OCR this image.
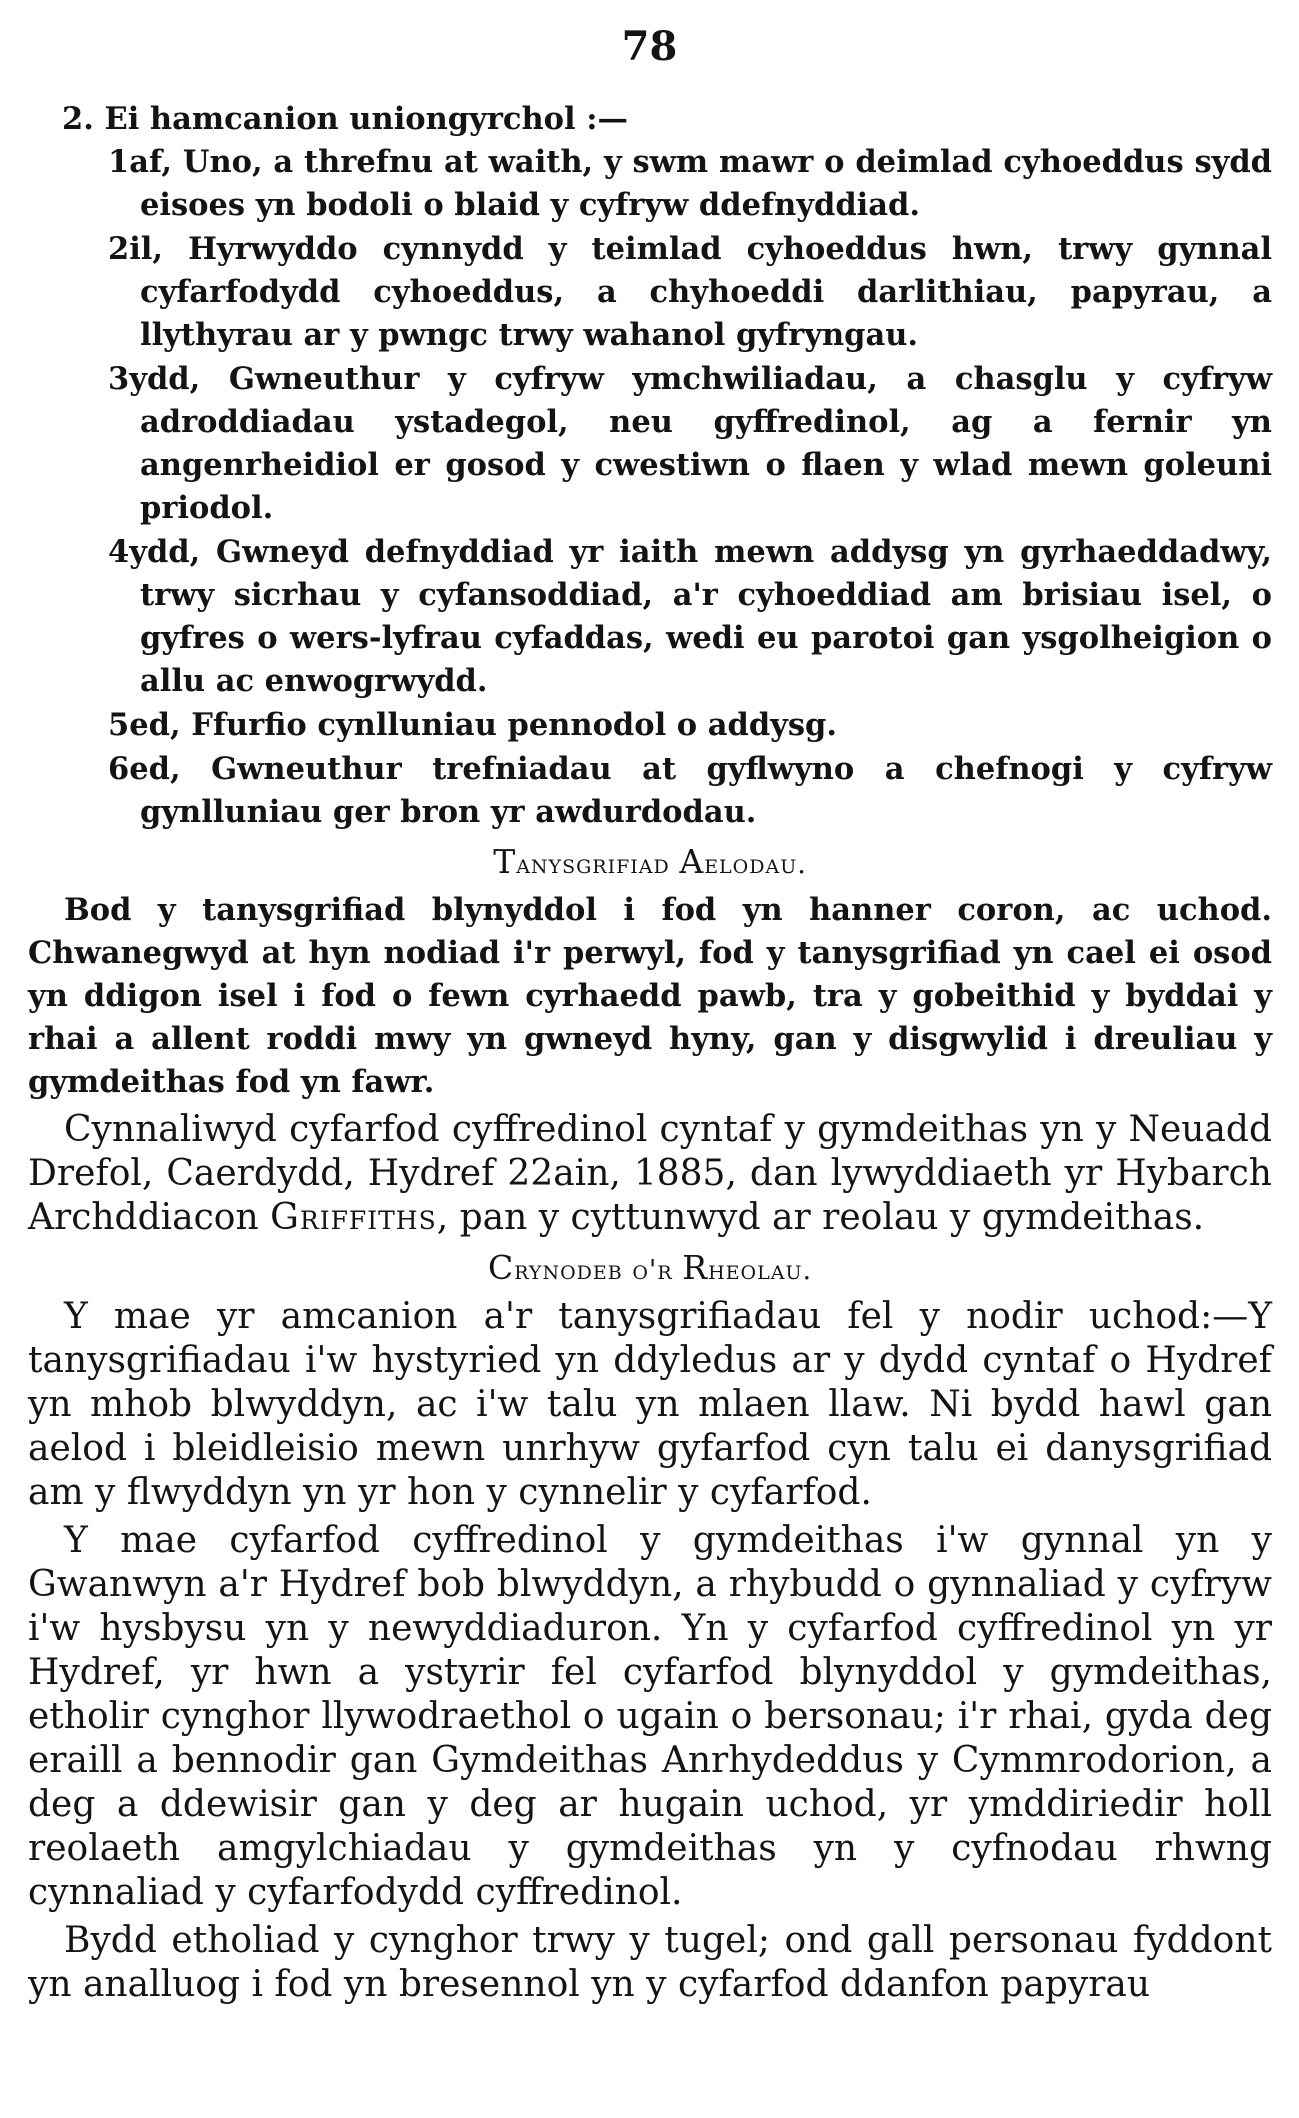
78

2. Ei hamcanion uniongyrchol :—

1af, Uno, a threfnu at waith, y swm mawr o deimlad cyhoeddus sydd eisoes yn bodoli o blaid y cyfryw ddefnyddiad.

2il, Hyrwyddo cynnydd y teimlad cyhoeddus hwn, trwy gynnal cyfarfodydd cyhoeddus, a chyhoeddi darlithiau, papyrau, a llythyrau ar y pwngc trwy wahanol gyfryngau.

3ydd, Gwneuthur y cyfryw ymchwiliadau, a chasglu y cyfryw adroddiadau ystadegol, neu gyffredinol, ag a fernir yn angenrheidiol er gosod y cwestiwn o flaen y wlad mewn goleuni priodol.

4ydd, Gwneyd defnyddiad yr iaith mewn addysg yn gyrhaeddadwy, trwy sicrhau y cyfansoddiad, a'r cyhoeddiad am brisiau isel, o gyfres o wers-lyfrau cyfaddas, wedi eu parotoi gan ysgolheigion o allu ac enwogrwydd.

5ed, Ffurfio cynlluniau pennodol o addysg.

6ed, Gwneuthur trefniadau at gyflwyno a chefnogi y cyfryw gynlluniau ger bron yr awdurdodau.

Tanysgrifiad Aelodau.

Bod y tanysgrifiad blynyddol i fod yn hanner coron, ac uchod. Chwanegwyd at hyn nodiad i'r perwyl, fod y tanysgrifiad yn cael ei osod yn ddigon isel i fod o fewn cyrhaedd pawb, tra y gobeithid y byddai y rhai a allent roddi mwy yn gwneyd hyny, gan y disgwylid i dreuliau y gymdeithas fod yn fawr.

Cynnaliwyd cyfarfod cyffredinol cyntaf y gymdeithas yn y Neuadd Drefol, Caerdydd, Hydref 22ain, 1885, dan lywyddiaeth yr Hybarch Archddiacon Griffiths, pan y cyttunwyd ar reolau y gymdeithas.

Crynodeb o'r Rheolau.

Y mae yr amcanion a'r tanysgrifiadau fel y nodir uchod:—Y tanysgrifiadau i'w hystyried yn ddyledus ar y dydd cyntaf o Hydref yn mhob blwyddyn, ac i'w talu yn mlaen llaw. Ni bydd hawl gan aelod i bleidleisio mewn unrhyw gyfarfod cyn talu ei danysgrifiad am y flwyddyn yn yr hon y cynnelir y cyfarfod.

Y mae cyfarfod cyffredinol y gymdeithas i'w gynnal yn y Gwanwyn a'r Hydref bob blwyddyn, a rhybudd o gynnaliad y cyfryw i'w hysbysu yn y newyddiaduron. Yn y cyfarfod cyffredinol yn yr Hydref, yr hwn a ystyrir fel cyfarfod blynyddol y gymdeithas, etholir cynghor llywodraethol o ugain o bersonau; i'r rhai, gyda deg eraill a bennodir gan Gymdeithas Anrhydeddus y Cymmrodorion, a deg a ddewisir gan y deg ar hugain uchod, yr ymddiriedir holl reolaeth amgylchiadau y gymdeithas yn y cyfnodau rhwng cynnaliad y cyfarfodydd cyffredinol.

Bydd etholiad y cynghor trwy y tugel; ond gall personau fyddont yn analluog i fod yn bresennol yn y cyfarfod ddanfon papyrau
